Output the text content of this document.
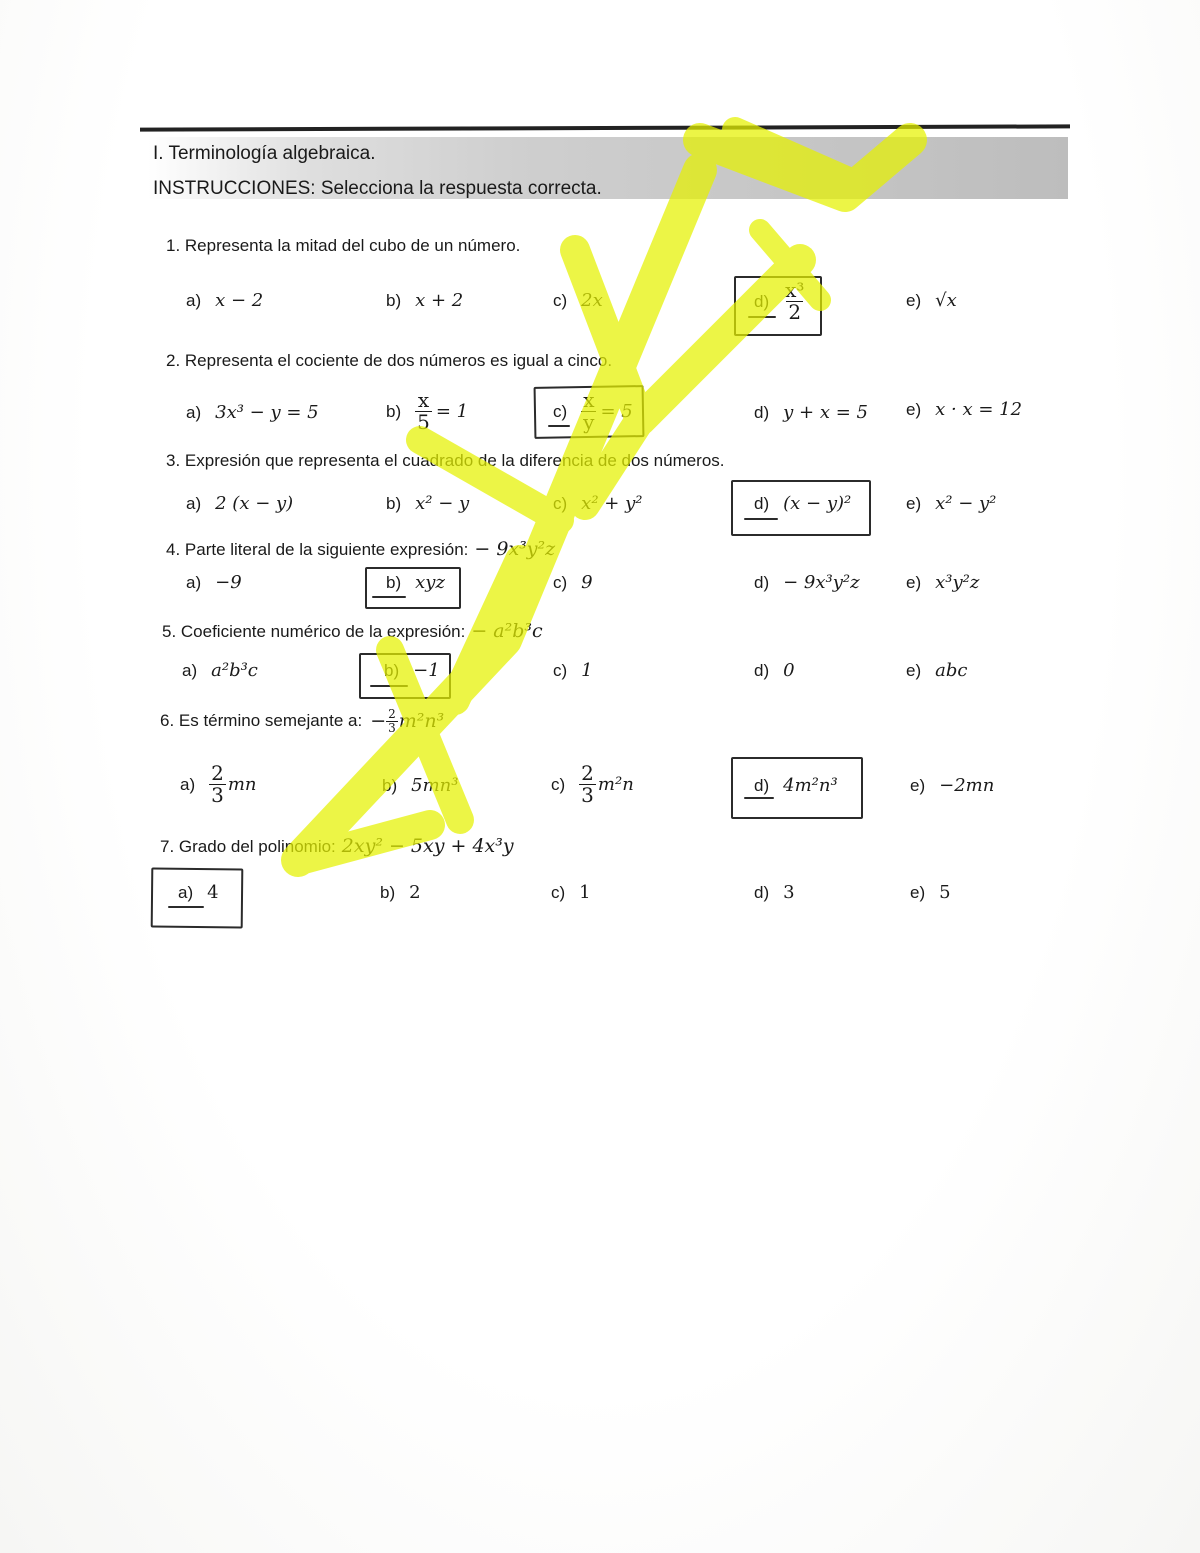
I. Terminología algebraica.
INSTRUCCIONES: Selecciona la respuesta correcta.
1. Representa la mitad del cubo de un número.
a) x − 2	b) x + 2	c) 2x	$d) \frac{\text{x³}}{2}$	e) √x
2. Representa el cociente de dos números es igual a cinco.
a) 3x³ − y = 5	$b) \frac{x}{5} = 1$	$c) \frac{x}{y} = 5$	d) y + x = 5 e) x · x = 12
3. Expresión que representa el cuadrado de la diferencia de dos números.
a) 2 (x − y)	b) x² − y	c) x² + y²	d) (x − y)²	e) x² − y²
4. Parte literal de la siguiente expresión: − 9x³y²z
a) −9	b) xyz	c) 9	d) − 9x³y²z	e) x³y²z
5. Coeficiente numérico de la expresión: − a²b³c
a) a²b³c	b) −1	c) 1	d) 0	e) abc
6. Es término semejante a: − $\frac{2}{3} m^2n^3$
$a) \frac{2}{3}$ mn	b) 5mn³	$c) \frac{2}{3} m^2n$	d) 4m²n³	e) −2mn
7. Grado del polinomio: 2xy² − 5xy + 4x³y
a) 4	b) 2	c) 1	d) 3	e) 5
